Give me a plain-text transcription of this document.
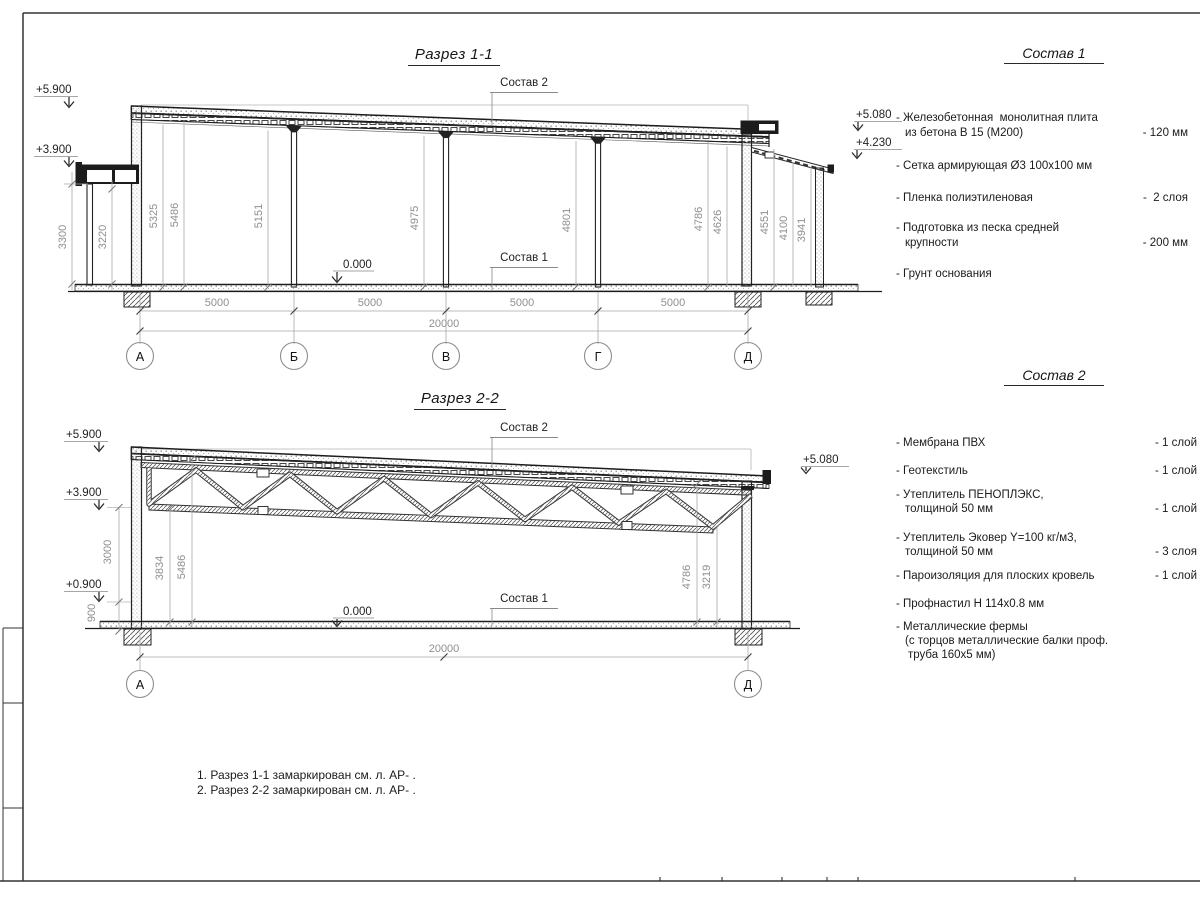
3300	3220
5325 5486	5151	4975	4801	4786 4626	4551 4100 3941
+5.900
+3.900
+5.080
+4.230
0.000
5000	5000	5000	5000
20000
А	Б	В	Г	Д
3834 5486	4786 3219
3000
900
+5.900
+3.900
+0.900
+5.080
0.000
20000
А	Д
Разрез 1-1
Разрез 2-2
Состав 2
Состав 1
Состав 2
Состав 1
Состав 1
Состав 2
- Железобетонная  монолитная плита
из бетона В 15 (М200)	- 120 мм
- Сетка армирующая Ø3 100х100 мм
- Пленка полиэтиленовая	-  2 слоя
- Подготовка из песка средней
крупности	- 200 мм
- Грунт основания
- Мембрана ПВХ	- 1 слой
- Геотекстиль	- 1 слой
- Утеплитель ПЕНОПЛЭКС,
толщиной 50 мм	- 1 слой
- Утеплитель Эковер Y=100 кг/м3,
толщиной 50 мм	- 3 слоя
- Пароизоляция для плоских кровель	- 1 слой
- Профнастил Н 114х0.8 мм
- Металлические фермы
(с торцов металлические балки проф.
труба 160х5 мм)
1. Разрез 1-1 замаркирован см. л. АР- .
2. Разрез 2-2 замаркирован см. л. АР- .
